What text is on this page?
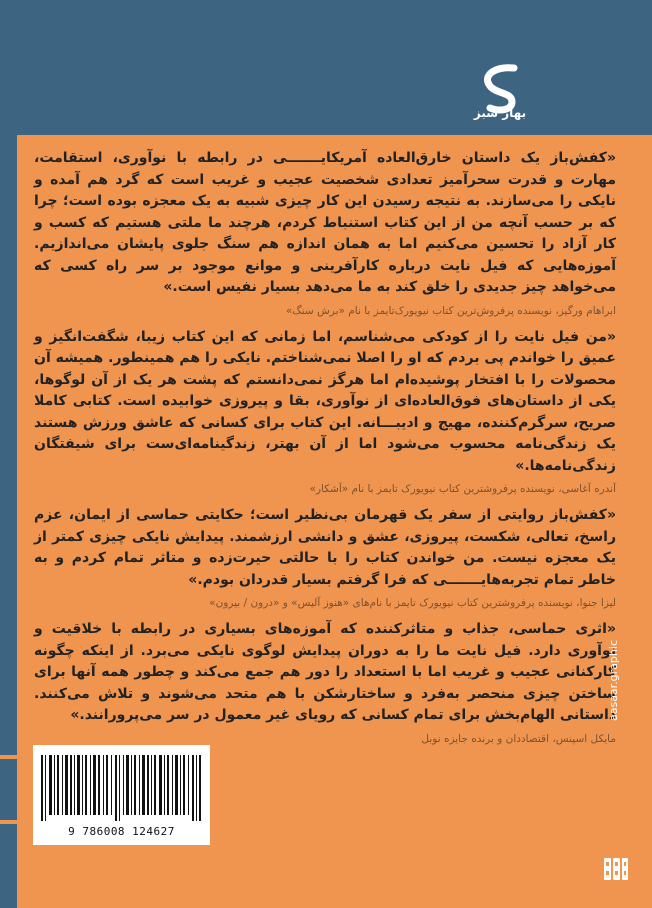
بهار سبز

«کفش‌باز یک داستان خارق‌العاده آمریکایـــــــی در رابطه با نوآوری، استقامت، مهارت و قدرت سحرآمیز تعدادی شخصیت عجیب و غریب است که گرد هم آمده و نایکی را می‌سازند. به نتیجه رسیدن این کار چیزی شبیه به یک معجزه بوده است؛ چرا که بر حسب آنچه من از این کتاب استنباط کردم، هرچند ما ملتی هستیم که کسب و کار آزاد را تحسین می‌کنیم اما به همان اندازه هم سنگ جلوی پایشان می‌اندازیم. آموزه‌هایی که فیل نایت درباره کارآفرینی و موانع موجود بر سر راه کسی که می‌خواهد چیز جدیدی را خلق کند به ما می‌دهد بسیار نفیس است.»

ابراهام ورگیز، نویسنده پرفروش‌ترین کتاب نیویورک‌تایمز با نام «برش سنگ»

«من فیل نایت را از کودکی می‌شناسم، اما زمانی که این کتاب زیبا، شگفت‌انگیز و عمیق را خواندم پی بردم که او را اصلا نمی‌شناختم. نایکی را هم همینطور. همیشه آن محصولات را با افتخار پوشیده‌ام اما هرگز نمی‌دانستم که پشت هر یک از آن لوگوها، یکی از داستان‌های فوق‌العاده‌ای از نوآوری، بقا و پیروزی خوابیده است. کتابی کاملا صریح، سرگرم‌کننده، مهیج و ادیبـــانه. این کتاب برای کسانی که عاشق ورزش هستند یک زندگی‌نامه محسوب می‌شود اما از آن بهتر، زندگینامه‌ای‌ست برای شیفتگان زندگی‌نامه‌ها.»

آندره آغاسی، نویسنده پرفروشترین کتاب نیویورک تایمز با نام «آشکار»

«کفش‌باز روایتی از سفر یک قهرمان بی‌نظیر است؛ حکایتی حماسی از ایمان، عزم راسخ، تعالی، شکست، پیروزی، عشق و دانشی ارزشمند. پیدایش نایکی چیزی کمتر از یک معجزه نیست. من خواندن کتاب را با حالتی حیرت‌زده و متاثر تمام کردم و به خاطر تمام تجربه‌هایـــــــی که فرا گرفتم بسیار قدردان بودم.»

لیزا جنوا، نویسنده پرفروشترین کتاب نیویورک تایمز با نام‌های «هنوز آلیس» و «درون / بیرون»

«اثری حماسی، جذاب و متاثرکننده که آموزه‌های بسیاری در رابطه با خلاقیت و نوآوری دارد. فیل نایت ما را به دوران پیدایش لوگوی نایکی می‌برد. از اینکه چگونه کارکنانی عجیب و غریب اما با استعداد را دور هم جمع می‌کند و چطور همه آنها برای ساختن چیزی منحصر به‌فرد و ساختارشکن با هم متحد می‌شوند و تلاش می‌کنند. داستانی الهام‌بخش برای تمام کسانی که رویای غیر معمول در سر می‌پرورانند.»

مایکل اسپنس، اقتصاددان و برنده جایزه نوبل
9 786008 124627
aasaar.graphic
